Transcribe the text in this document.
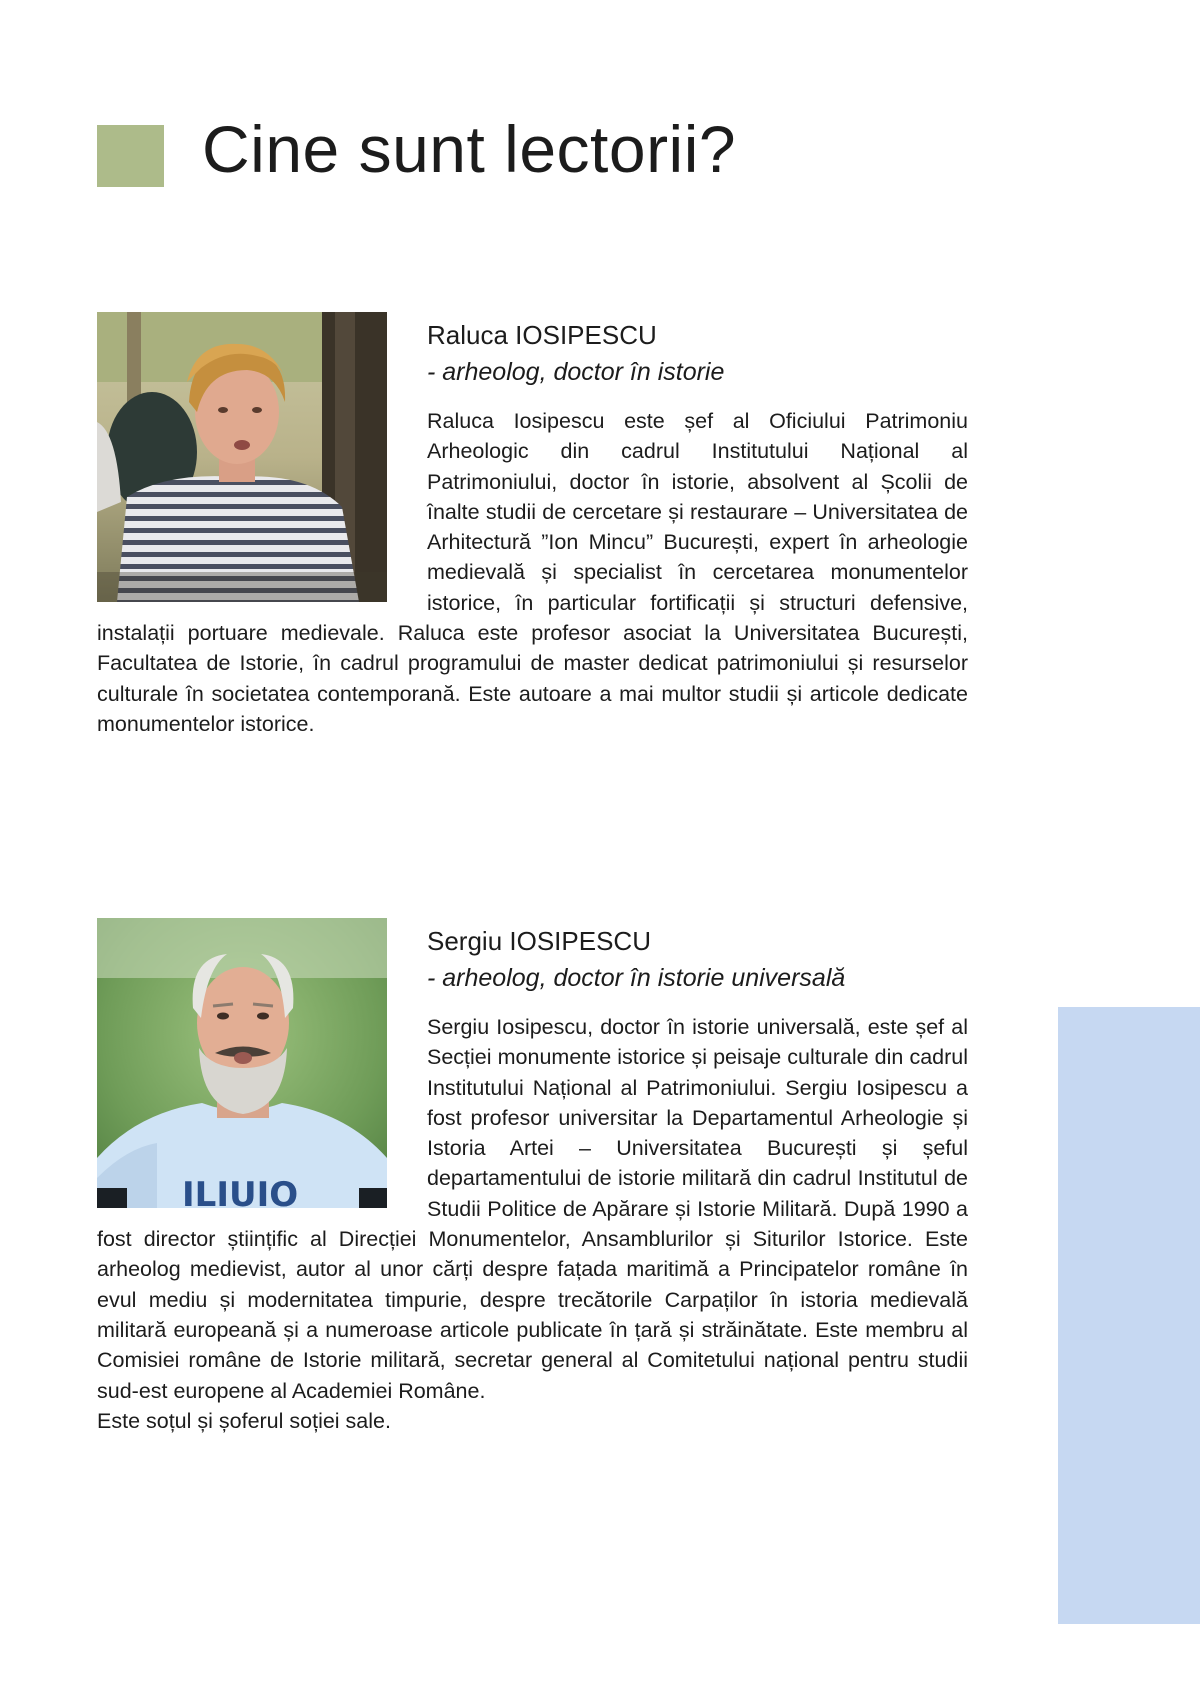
Cine sunt lectorii?
Raluca IOSIPESCU

- arheolog, doctor în istorie

Raluca Iosipescu este șef al Oficiului Patrimoniu Arheologic din cadrul Institutului Național al Patrimoniului, doctor în istorie, absolvent al Școlii de înalte studii de cercetare și restaurare – Universitatea de Arhitectură ”Ion Mincu” București, expert în arheologie medievală și specialist în cercetarea monumentelor istorice, în particular fortificații și structuri defensive, instalații portuare medievale. Raluca este profesor asociat la Universitatea București, Facultatea de Istorie, în cadrul programului de master dedicat patrimoniului și resurselor culturale în societatea contemporană. Este autoare a mai multor studii și articole dedicate monumentelor istorice.

ILIUIO
Sergiu IOSIPESCU

- arheolog, doctor în istorie universală

Sergiu Iosipescu, doctor în istorie universală, este șef al Secției monumente istorice și peisaje culturale din cadrul Institutului Național al Patrimoniului. Sergiu Iosipescu a fost profesor universitar la Departamentul Arheologie și Istoria Artei – Universitatea București și șeful departamentului de istorie militară din cadrul Institutul de Studii Politice de Apărare și Istorie Militară. După 1990 a fost director științific al Direcției Monumentelor, Ansamblurilor și Siturilor Istorice. Este arheolog medievist, autor al unor cărți despre fațada maritimă a Principatelor române în evul mediu și modernitatea timpurie, despre trecătorile Carpaților în istoria medievală militară europeană și a numeroase articole publicate în țară și străinătate. Este membru al Comisiei române de Istorie militară, secretar general al Comitetului național pentru studii sud-est europene al Academiei Române.

Este soțul și șoferul soției sale.
